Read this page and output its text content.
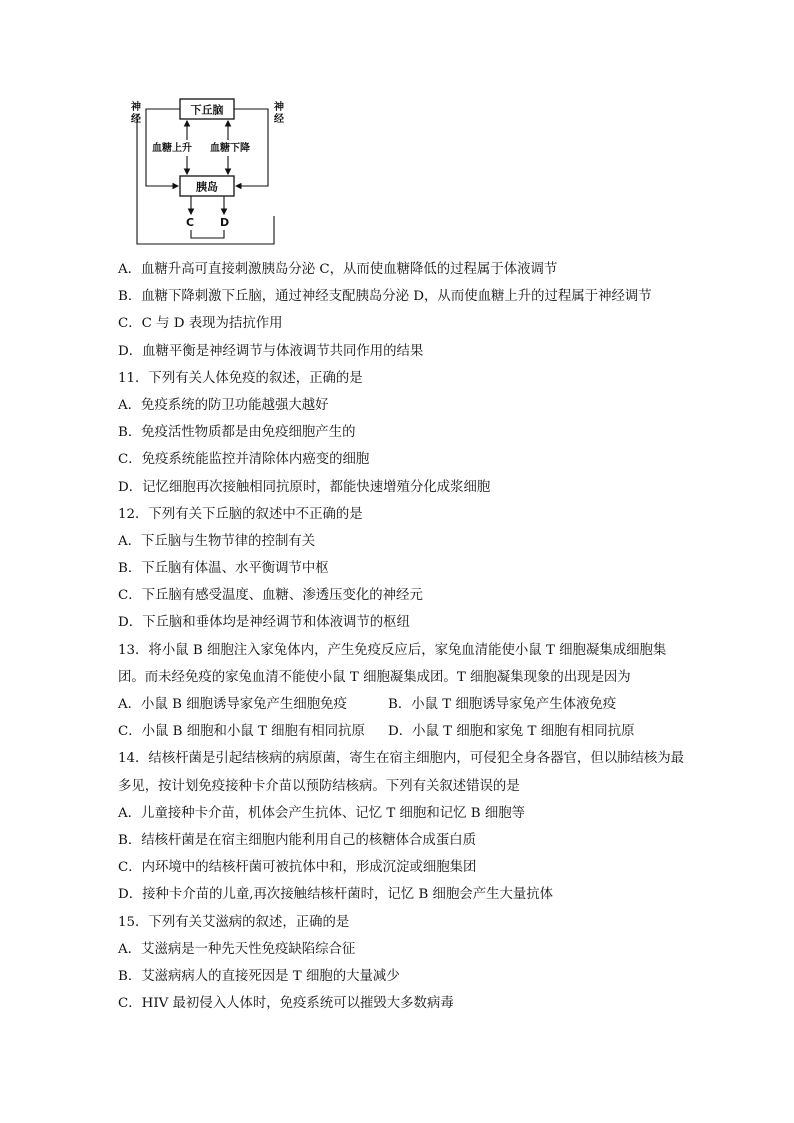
下丘脑
胰岛
神
经
神
经
血糖上升 血糖下降
C D
A．血糖升高可直接刺激胰岛分泌 C，从而使血糖降低的过程属于体液调节
B．血糖下降刺激下丘脑，通过神经支配胰岛分泌 D，从而使血糖上升的过程属于神经调节
C．C 与 D 表现为拮抗作用
D．血糖平衡是神经调节与体液调节共同作用的结果
11．下列有关人体免疫的叙述，正确的是
A．免疫系统的防卫功能越强大越好
B．免疫活性物质都是由免疫细胞产生的
C．免疫系统能监控并清除体内癌变的细胞
D．记忆细胞再次接触相同抗原时，都能快速增殖分化成浆细胞
12．下列有关下丘脑的叙述中不正确的是
A．下丘脑与生物节律的控制有关
B．下丘脑有体温、水平衡调节中枢
C．下丘脑有感受温度、血糖、渗透压变化的神经元
D．下丘脑和垂体均是神经调节和体液调节的枢纽
13．将小鼠 B 细胞注入家兔体内，产生免疫反应后，家兔血清能使小鼠 T 细胞凝集成细胞集团。而未经免疫的家兔血清不能使小鼠 T 细胞凝集成团。T 细胞凝集现象的出现是因为
A．小鼠 B 细胞诱导家兔产生细胞免疫	B．小鼠 T 细胞诱导家兔产生体液免疫
C．小鼠 B 细胞和小鼠 T 细胞有相同抗原	D．小鼠 T 细胞和家兔 T 细胞有相同抗原
14．结核杆菌是引起结核病的病原菌，寄生在宿主细胞内，可侵犯全身各器官，但以肺结核为最多见，按计划免疫接种卡介苗以预防结核病。下列有关叙述错误的是
A．儿童接种卡介苗，机体会产生抗体、记忆 T 细胞和记忆 B 细胞等
B．结核杆菌是在宿主细胞内能利用自己的核糖体合成蛋白质
C．内环境中的结核杆菌可被抗体中和，形成沉淀或细胞集团
D．接种卡介苗的儿童,再次接触结核杆菌时，记忆 B 细胞会产生大量抗体
15．下列有关艾滋病的叙述，正确的是
A．艾滋病是一种先天性免疫缺陷综合征
B．艾滋病病人的直接死因是 T 细胞的大量减少
C．HIV 最初侵入人体时，免疫系统可以摧毁大多数病毒
